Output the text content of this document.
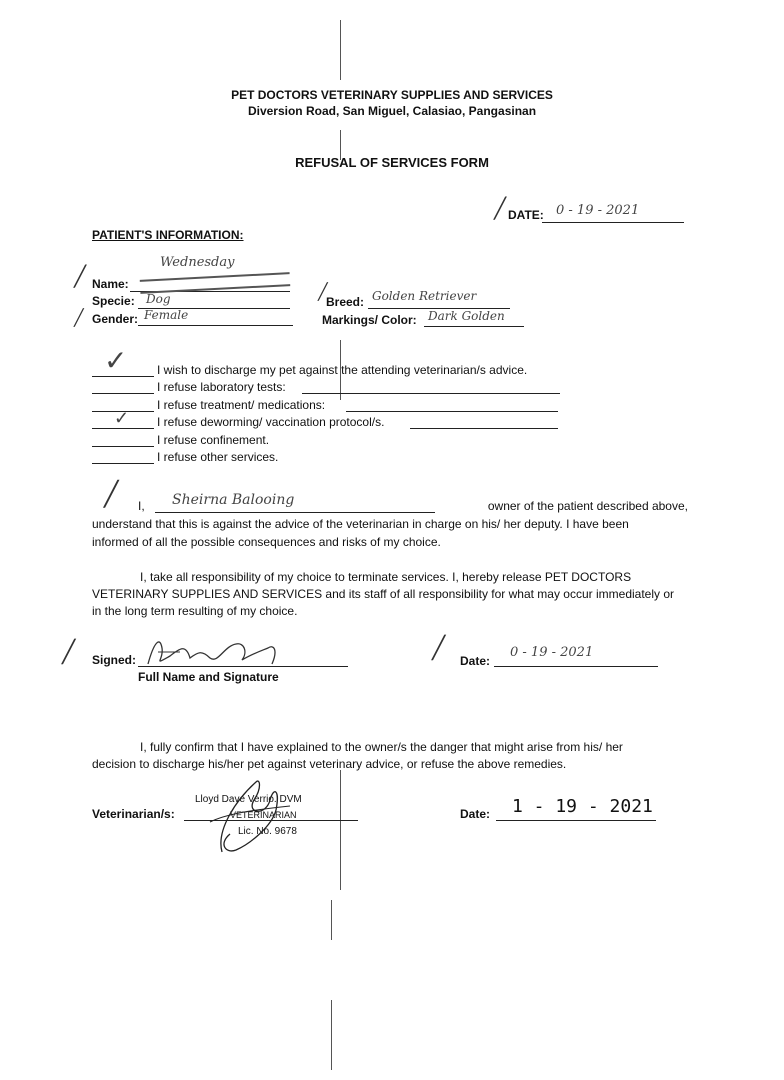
PET DOCTORS VETERINARY SUPPLIES AND SERVICES
Diversion Road, San Miguel, Calasiao, Pangasinan
REFUSAL OF SERVICES FORM
DATE: 0 - 19 - 2021
╱
PATIENT'S INFORMATION:
╱ Name:
Wednesday
Specie: Dog
╱ Gender: Female
╱
Breed: Golden Retriever
Markings/ Color: Dark Golden
✓ I wish to discharge my pet against the attending veterinarian/s advice.
I refuse laboratory tests:
I refuse treatment/ medications:
✓ I refuse deworming/ vaccination protocol/s.
I refuse confinement.
I refuse other services.
╱ I, Sheirna Balooing	owner of the patient described above,
understand that this is against the advice of the veterinarian in charge on his/ her deputy. I have been
informed of all the possible consequences and risks of my choice.
I, take all responsibility of my choice to terminate services. I, hereby release PET DOCTORS
VETERINARY SUPPLIES AND SERVICES and its staff of all responsibility for what may occur immediately or
in the long term resulting of my choice.
╱ Signed:
Full Name and Signature
╱ Date:
0 - 19 - 2021
I, fully confirm that I have explained to the owner/s the danger that might arise from his/ her
decision to discharge his/her pet against veterinary advice, or refuse the above remedies.
Veterinarian/s:
Lloyd Dave Verrio. DVM
VETERINARIAN
Lic. No. 9678
Date: 1 - 19 - 2021
